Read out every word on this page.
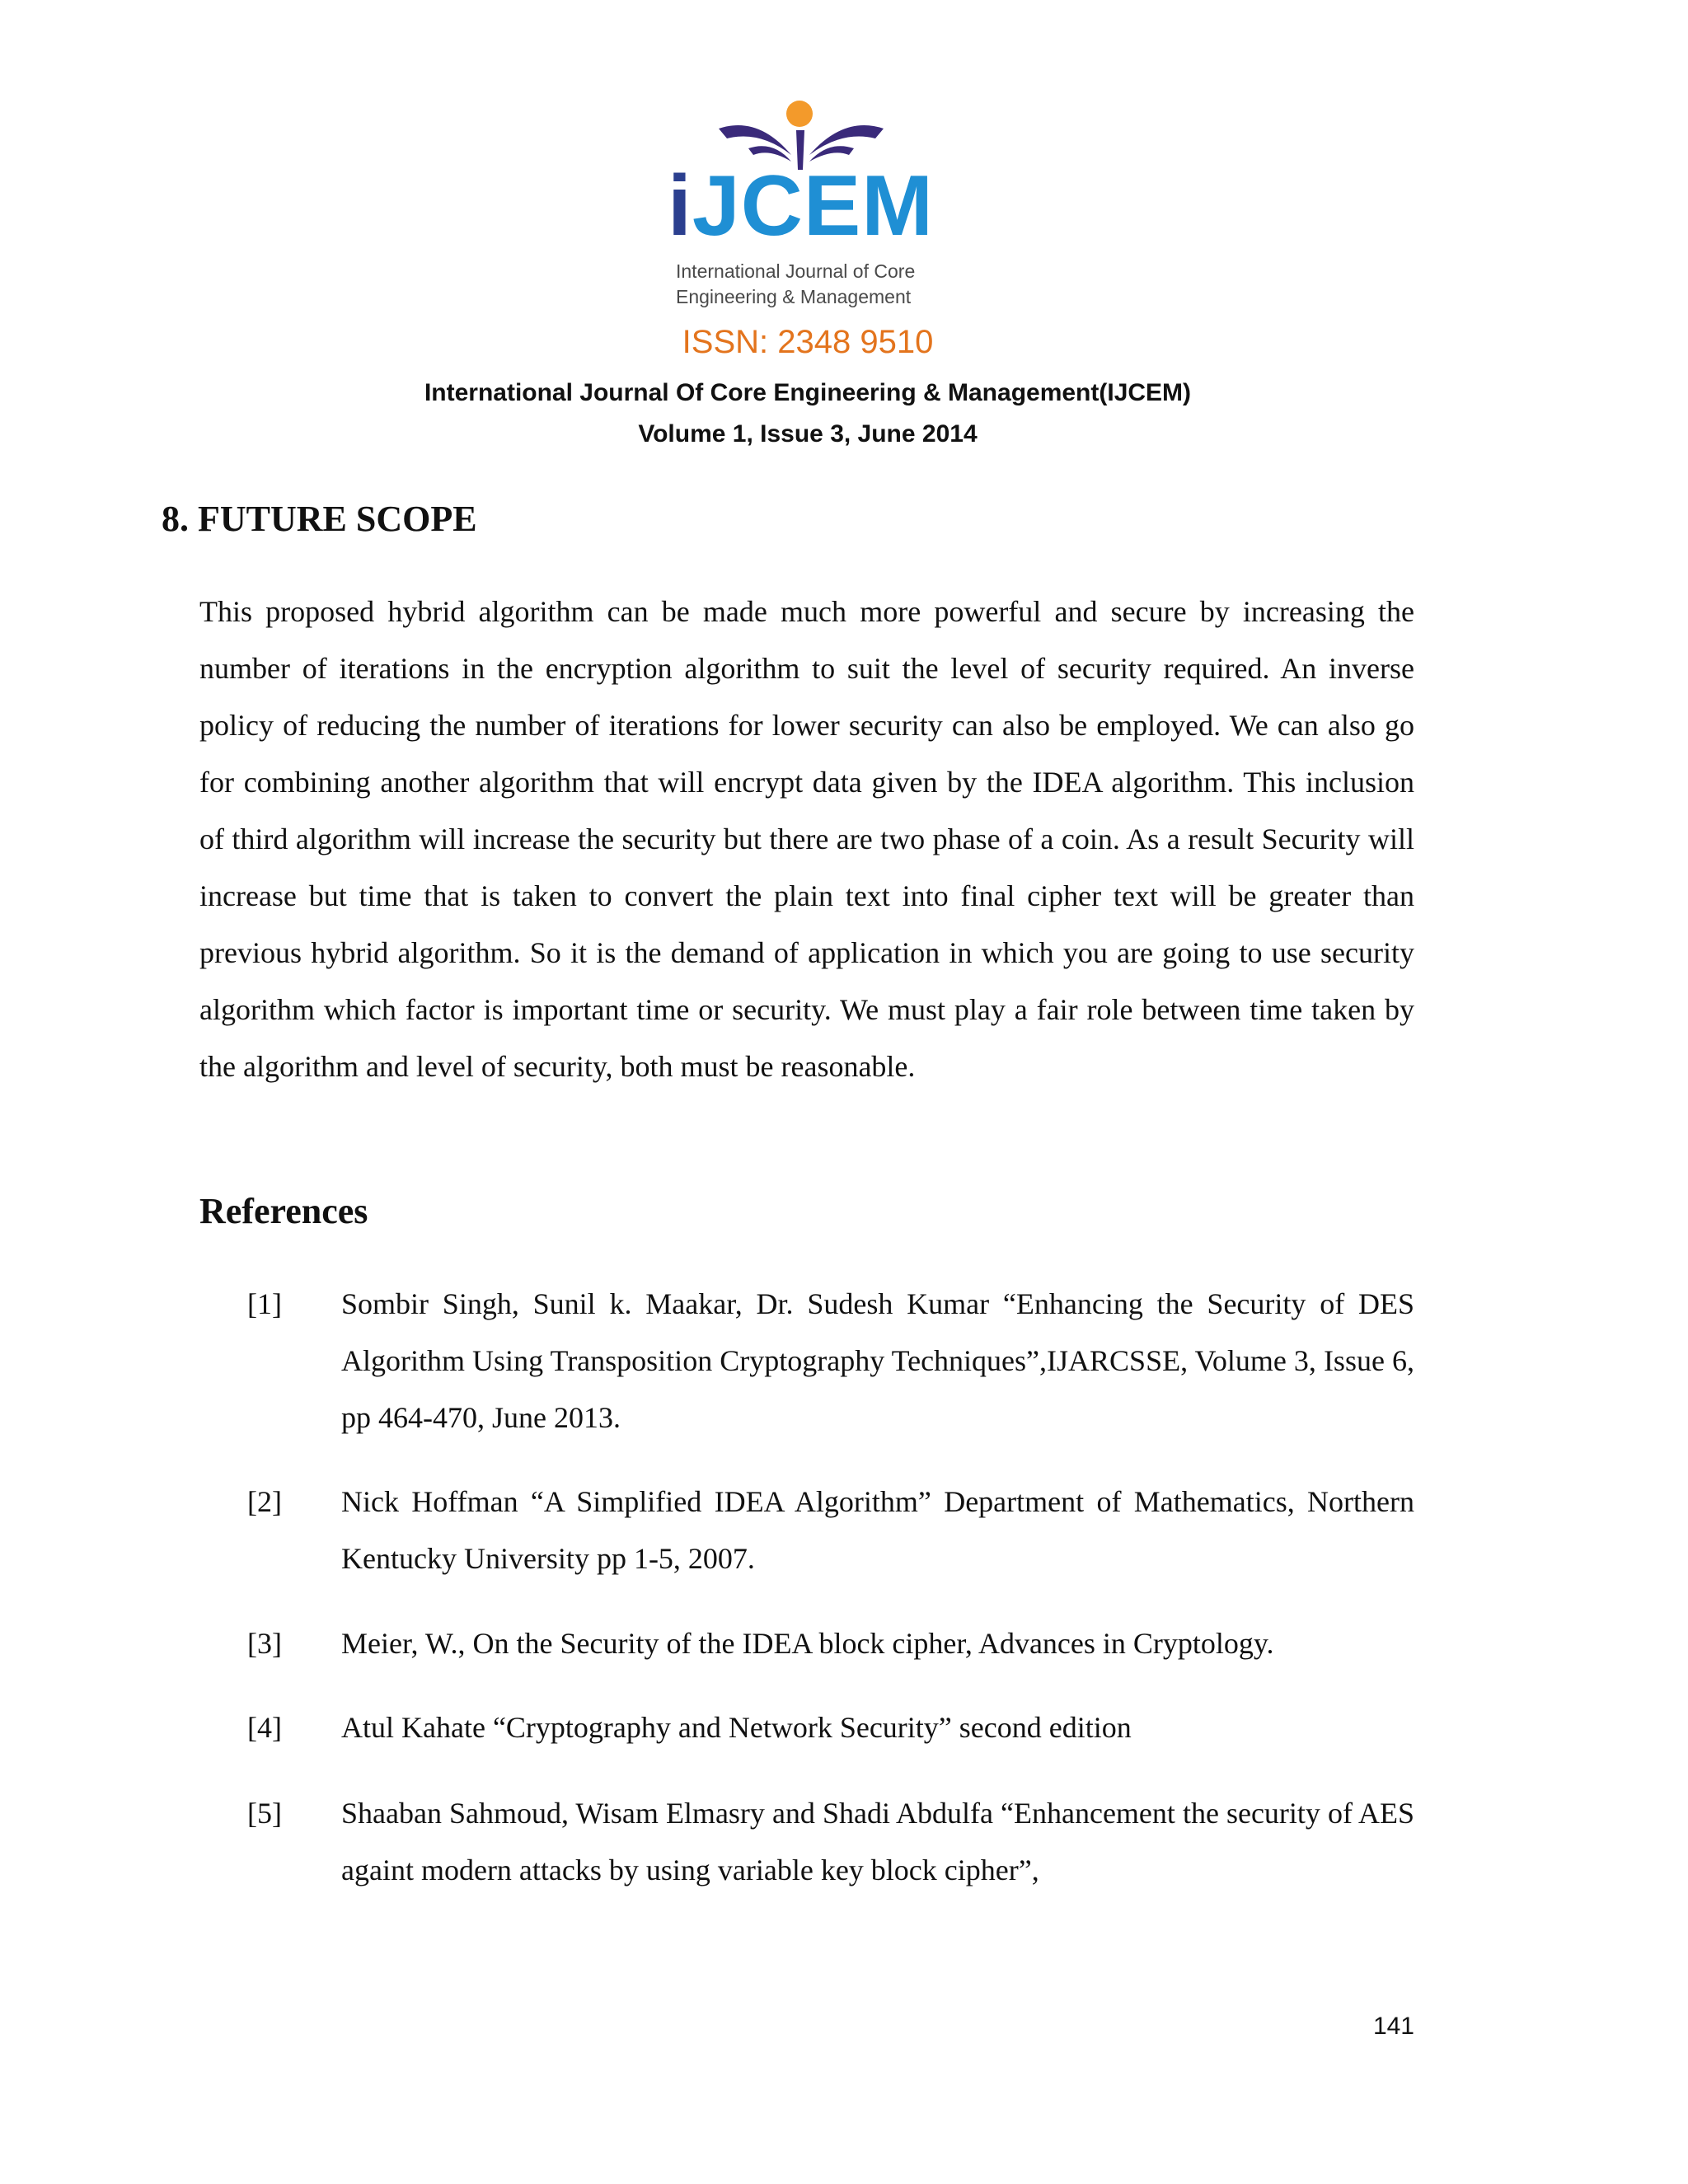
iJCEM
International Journal of Core
Engineering & Management
ISSN: 2348 9510
International Journal Of Core Engineering & Management(IJCEM)
Volume 1, Issue 3, June 2014
8. FUTURE SCOPE

This proposed hybrid algorithm can be made much more powerful and secure by increasing the number of iterations in the encryption algorithm to suit the level of security required. An inverse policy of reducing the number of iterations for lower security can also be employed. We can also go for combining another algorithm that will encrypt data given by the IDEA algorithm. This inclusion of third algorithm will increase the security but there are two phase of a coin. As a result Security will increase but time that is taken to convert the plain text into final cipher text will be greater than previous hybrid algorithm. So it is the demand of application in which you are going to use security algorithm which factor is important time or security. We must play a fair role between time taken by the algorithm and level of security, both must be reasonable.

References
[1] Sombir Singh, Sunil k. Maakar, Dr. Sudesh Kumar “Enhancing the Security of DES Algorithm Using Transposition Cryptography Techniques”,IJARCSSE, Volume 3, Issue 6, pp 464-470, June 2013.
[2] Nick Hoffman “A Simplified IDEA Algorithm” Department of Mathematics, Northern Kentucky University pp 1-5, 2007.
[3] Meier, W., On the Security of the IDEA block cipher, Advances in Cryptology.
[4] Atul Kahate “Cryptography and Network Security” second edition
[5] Shaaban Sahmoud, Wisam Elmasry and Shadi Abdulfa “Enhancement the security of AES againt modern attacks by using variable key block cipher”,
141
